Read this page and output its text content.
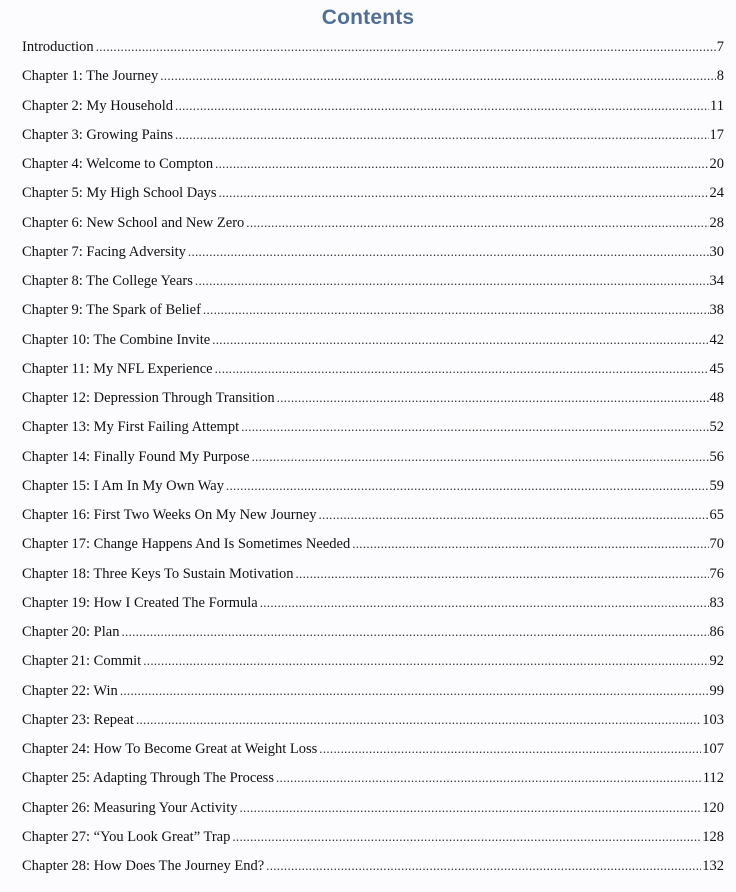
Contents
Introduction .....	7
Chapter 1: The Journey .....	8
Chapter 2: My Household .....	11
Chapter 3: Growing Pains .....	17
Chapter 4: Welcome to Compton .....	20
Chapter 5: My High School Days .....	24
Chapter 6: New School and New Zero .....	28
Chapter 7: Facing Adversity .....	30
Chapter 8: The College Years .....	34
Chapter 9: The Spark of Belief .....	38
Chapter 10: The Combine Invite .....	42
Chapter 11: My NFL Experience .....	45
Chapter 12: Depression Through Transition .....	48
Chapter 13: My First Failing Attempt .....	52
Chapter 14: Finally Found My Purpose .....	56
Chapter 15: I Am In My Own Way .....	59
Chapter 16: First Two Weeks On My New Journey .....	65
Chapter 17: Change Happens And Is Sometimes Needed .....	70
Chapter 18: Three Keys To Sustain Motivation .....	76
Chapter 19: How I Created The Formula .....	83
Chapter 20: Plan .....	86
Chapter 21: Commit .....	92
Chapter 22: Win .....	99
Chapter 23: Repeat .....	103
Chapter 24: How To Become Great at Weight Loss .....	107
Chapter 25: Adapting Through The Process .....	112
Chapter 26: Measuring Your Activity .....	120
Chapter 27: “You Look Great” Trap .....	128
Chapter 28: How Does The Journey End? .....	132
